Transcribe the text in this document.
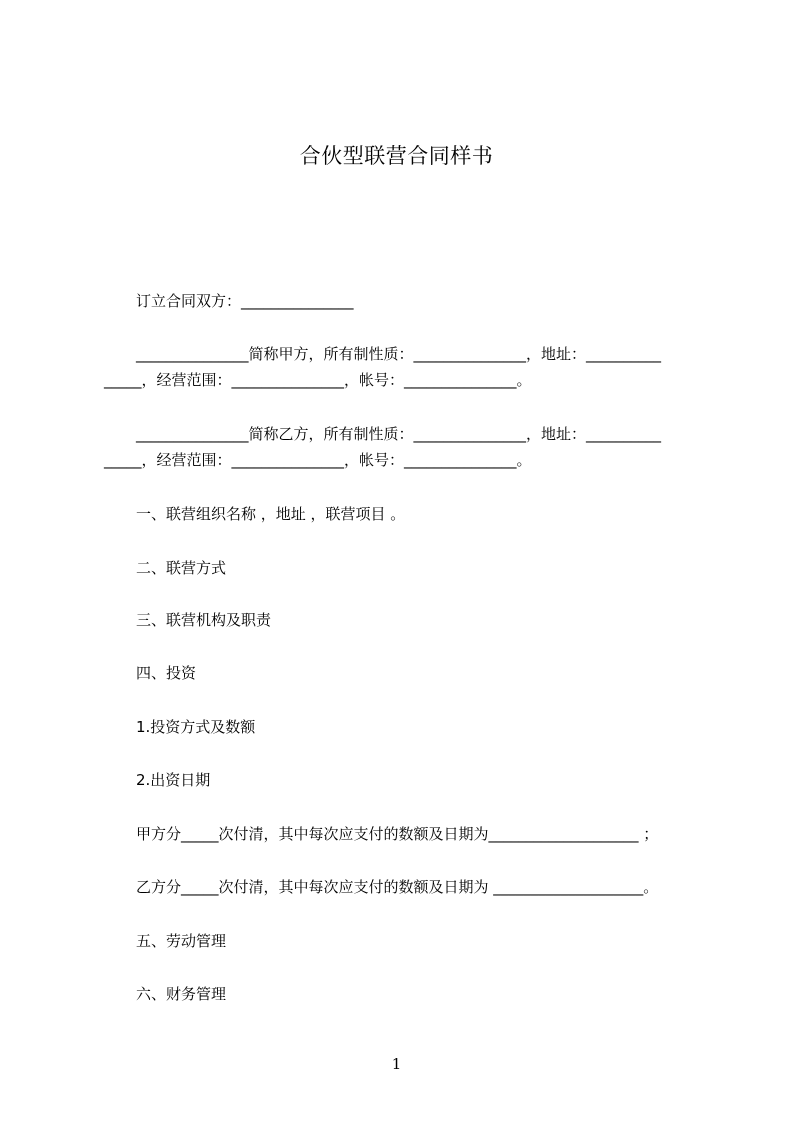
合伙型联营合同样书
订立合同双方：_______________
_______________简称甲方，所有制性质：_______________，地址：__________
_____，经营范围：_______________，帐号：_______________。
_______________简称乙方，所有制性质：_______________，地址：__________
_____，经营范围：_______________，帐号：_______________。
一、联营组织名称 ，地址 ，联营项目 。
二、联营方式
三、联营机构及职责
四、投资
1.投资方式及数额
2.出资日期
甲方分_____次付清，其中每次应支付的数额及日期为____________________ ；
乙方分_____次付清，其中每次应支付的数额及日期为 ____________________。
五、劳动管理
六、财务管理
1
